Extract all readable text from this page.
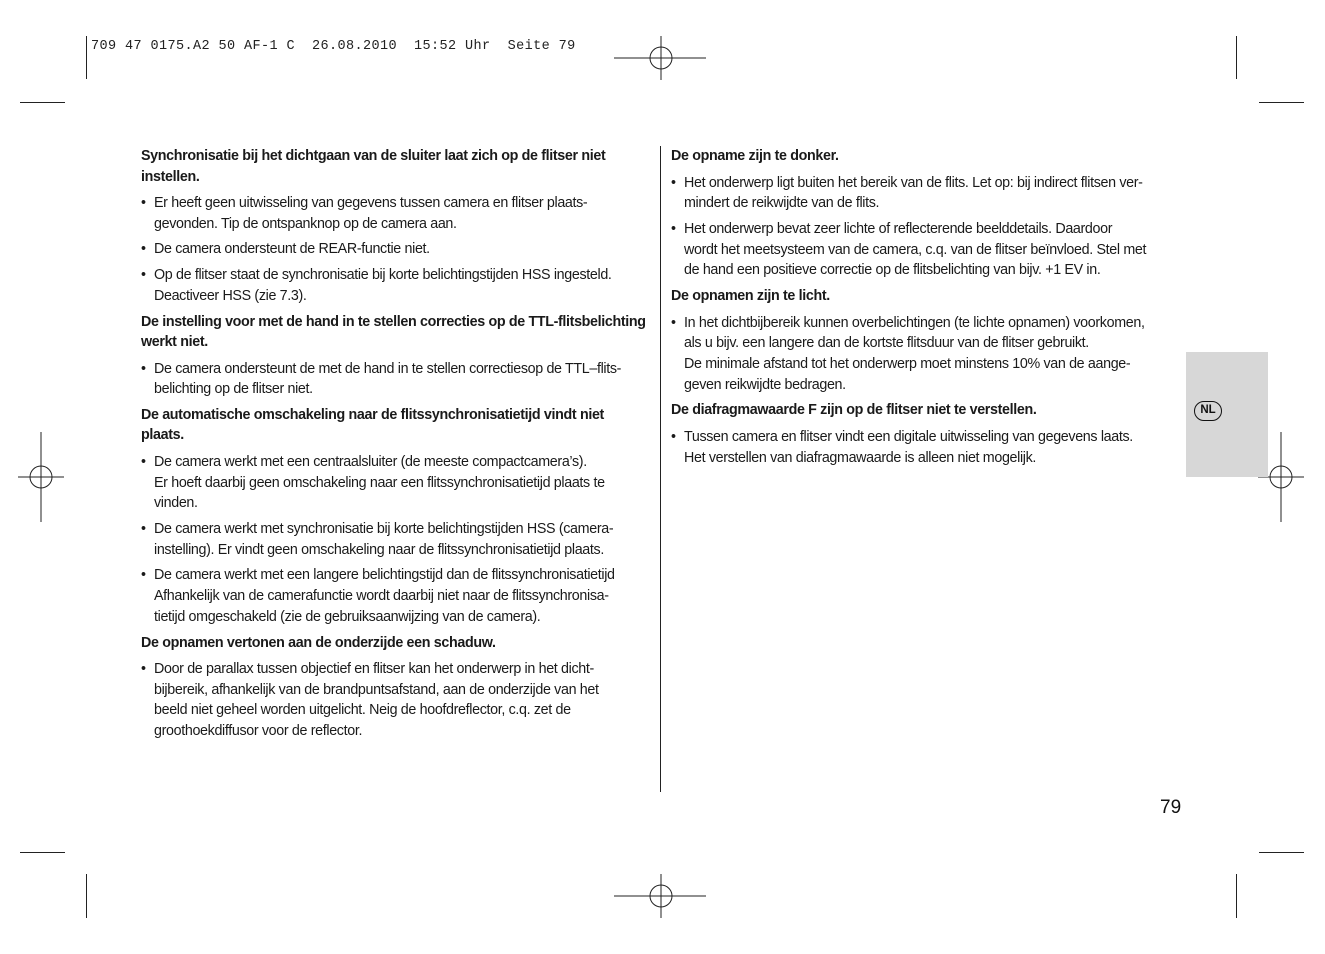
709 47 0175.A2 50 AF-1 C  26.08.2010  15:52 Uhr  Seite 79
Synchronisatie bij het dichtgaan van de sluiter laat zich op de flitser niet
instellen.
• Er heeft geen uitwisseling van gegevens tussen camera en flitser plaats-
gevonden. Tip de ontspanknop op de camera aan.
• De camera ondersteunt de REAR-functie niet.
• Op de flitser staat de synchronisatie bij korte belichtingstijden HSS ingesteld.
Deactiveer HSS (zie 7.3).
De instelling voor met de hand in te stellen correcties op de TTL-flitsbelichting
werkt niet.
• De camera ondersteunt de met de hand in te stellen correctiesop de TTL–flits-
belichting op de flitser niet.
De automatische omschakeling naar de flitssynchronisatietijd vindt niet
plaats.
• De camera werkt met een centraalsluiter (de meeste compactcamera’s).
Er hoeft daarbij geen omschakeling naar een flitssynchronisatietijd plaats te
vinden.
• De camera werkt met synchronisatie bij korte belichtingstijden HSS (camera-
instelling). Er vindt geen omschakeling naar de flitssynchronisatietijd plaats.
• De camera werkt met een langere belichtingstijd dan de flitssynchronisatietijd
Afhankelijk van de camerafunctie wordt daarbij niet naar de flitssynchronisa-
tietijd omgeschakeld (zie de gebruiksaanwijzing van de camera).
De opnamen vertonen aan de onderzijde een schaduw.
• Door de parallax tussen objectief en flitser kan het onderwerp in het dicht-
bijbereik, afhankelijk van de brandpuntsafstand, aan de onderzijde van het
beeld niet geheel worden uitgelicht. Neig de hoofdreflector, c.q. zet de
groothoekdiffusor voor de reflector.
De opname zijn te donker.
• Het onderwerp ligt buiten het bereik van de flits. Let op: bij indirect flitsen ver-
mindert de reikwijdte van de flits.
• Het onderwerp bevat zeer lichte of reflecterende beelddetails. Daardoor
wordt het meetsysteem van de camera, c.q. van de flitser beïnvloed. Stel met
de hand een positieve correctie op de flitsbelichting van bijv. +1 EV in.
De opnamen zijn te licht.
• In het dichtbijbereik kunnen overbelichtingen (te lichte opnamen) voorkomen,
als u bijv. een langere dan de kortste flitsduur van de flitser gebruikt.
De minimale afstand tot het onderwerp moet minstens 10% van de aange-
geven reikwijdte bedragen.
De diafragmawaarde F zijn op de flitser niet te verstellen.
• Tussen camera en flitser vindt een digitale uitwisseling van gegevens laats.
Het verstellen van diafragmawaarde is alleen niet mogelijk.
NL
79
